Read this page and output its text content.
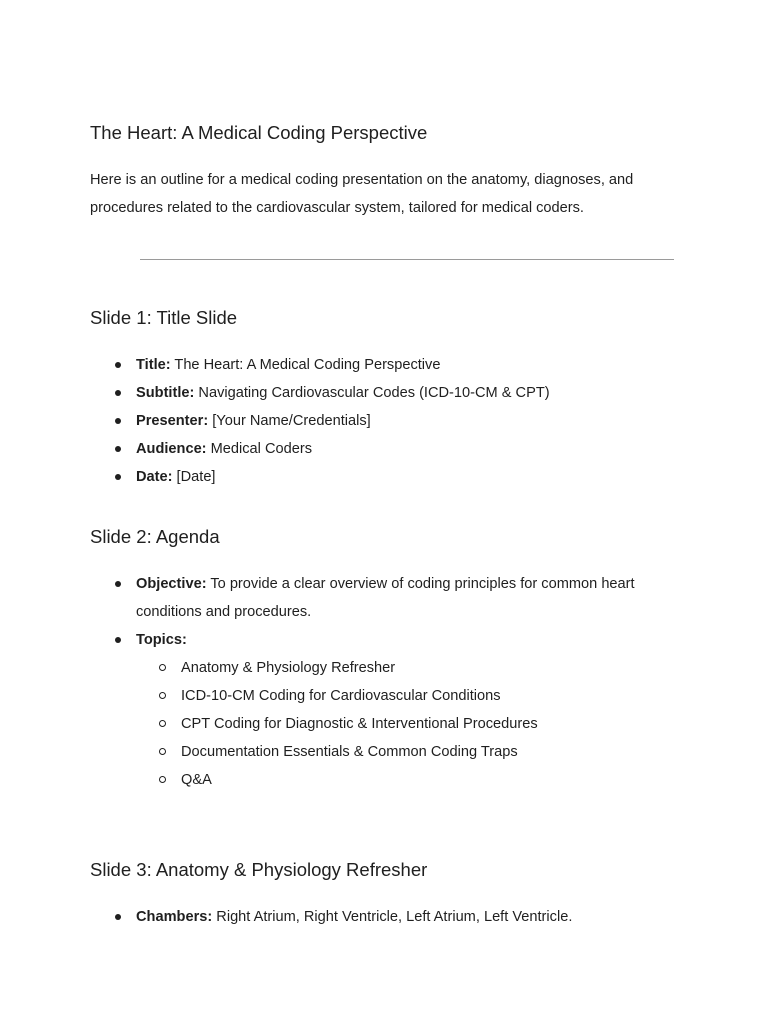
The Heart: A Medical Coding Perspective

Here is an outline for a medical coding presentation on the anatomy, diagnoses, and procedures related to the cardiovascular system, tailored for medical coders.

Slide 1: Title Slide
Title: The Heart: A Medical Coding Perspective
Subtitle: Navigating Cardiovascular Codes (ICD-10-CM & CPT)
Presenter: [Your Name/Credentials]
Audience: Medical Coders
Date: [Date]
Slide 2: Agenda
Objective: To provide a clear overview of coding principles for common heart conditions and procedures.
Topics:
Anatomy & Physiology Refresher
ICD-10-CM Coding for Cardiovascular Conditions
CPT Coding for Diagnostic & Interventional Procedures
Documentation Essentials & Common Coding Traps
Q&A
Slide 3: Anatomy & Physiology Refresher
Chambers: Right Atrium, Right Ventricle, Left Atrium, Left Ventricle.
